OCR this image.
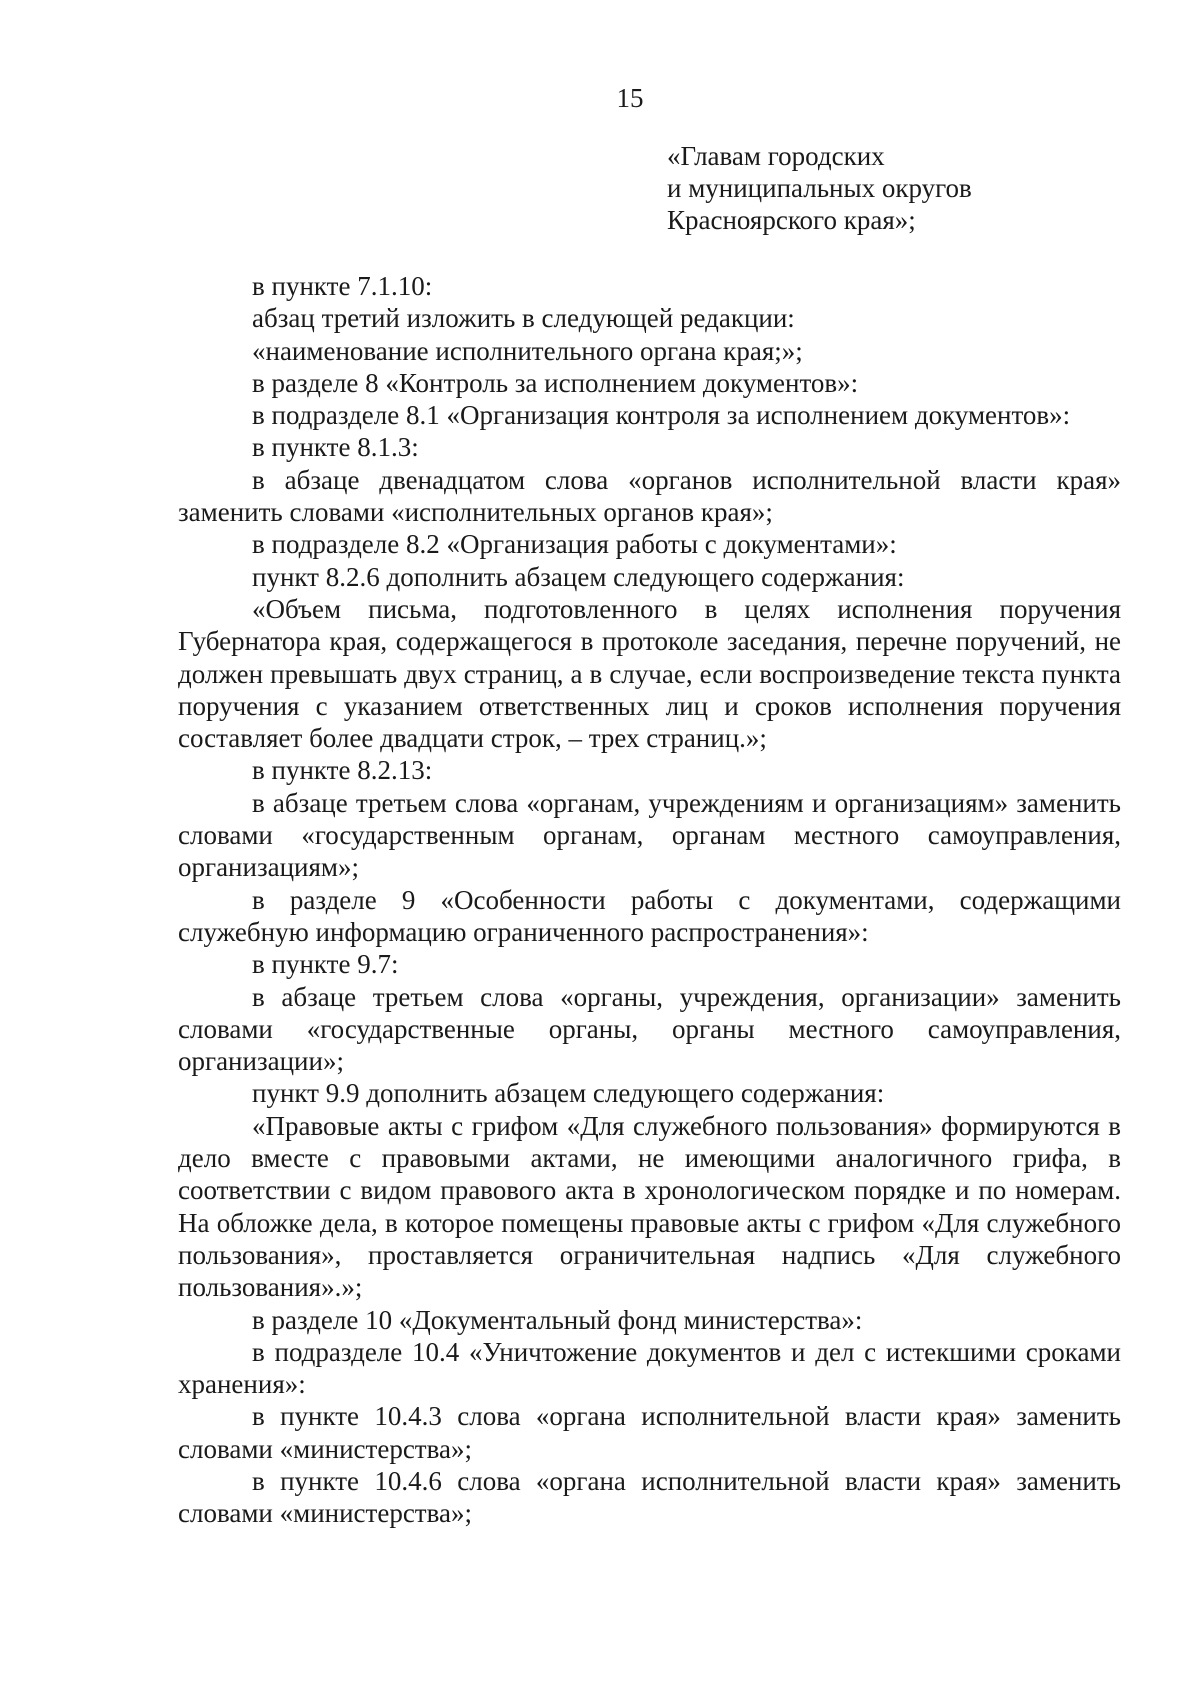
15
«Главам городских
и муниципальных округов
Красноярского края»;

в пункте 7.1.10:

абзац третий изложить в следующей редакции:

«наименование исполнительного органа края;»;

в разделе 8 «Контроль за исполнением документов»:

в подразделе 8.1 «Организация контроля за исполнением документов»:

в пункте 8.1.3:

в абзаце двенадцатом слова «органов исполнительной власти края» заменить словами «исполнительных органов края»;

в подразделе 8.2 «Организация работы с документами»:

пункт 8.2.6 дополнить абзацем следующего содержания:

«Объем письма, подготовленного в целях исполнения поручения Губернатора края, содержащегося в протоколе заседания, перечне поручений, не должен превышать двух страниц, а в случае, если воспроизведение текста пункта поручения с указанием ответственных лиц и сроков исполнения поручения составляет более двадцати строк, – трех страниц.»;

в пункте 8.2.13:

в абзаце третьем слова «органам, учреждениям и организациям» заменить словами «государственным органам, органам местного самоуправления, организациям»;

в разделе 9 «Особенности работы с документами, содержащими служебную информацию ограниченного распространения»:

в пункте 9.7:

в абзаце третьем слова «органы, учреждения, организации» заменить словами «государственные органы, органы местного самоуправления, организации»;

пункт 9.9 дополнить абзацем следующего содержания:

«Правовые акты с грифом «Для служебного пользования» формируются в дело вместе с правовыми актами, не имеющими аналогичного грифа, в соответствии с видом правового акта в хронологическом порядке и по номерам. На обложке дела, в которое помещены правовые акты с грифом «Для служебного пользования», проставляется ограничительная надпись «Для служебного пользования».»;

в разделе 10 «Документальный фонд министерства»:

в подразделе 10.4 «Уничтожение документов и дел с истекшими сроками хранения»:

в пункте 10.4.3 слова «органа исполнительной власти края» заменить словами «министерства»;

в пункте 10.4.6 слова «органа исполнительной власти края» заменить словами «министерства»;
